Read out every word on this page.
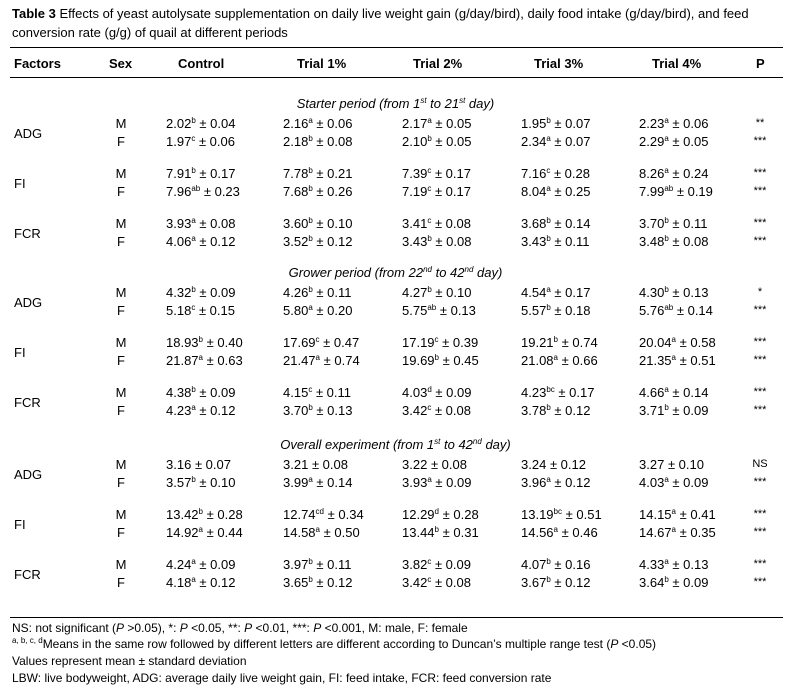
Table 3 Effects of yeast autolysate supplementation on daily live weight gain (g/day/bird), daily food intake (g/day/bird), and feed conversion rate (g/g) of quail at different periods
Factors	Sex	Control	Trial 1%	Trial 2%	Trial 3%	Trial 4%	P
Starter period (from 1st to 21st day)
ADG
M	2.02$^b$ ± 0.04	2.16$^a$ ± 0.06	2.17$^a$ ± 0.05	1.95$^b$ ± 0.07	2.23$^a$ ± 0.06	**
F	1.97$^c$ ± 0.06	2.18$^b$ ± 0.08	2.10$^b$ ± 0.05	2.34$^a$ ± 0.07	2.29$^a$ ± 0.05	***
FI
M	7.91$^b$ ± 0.17	7.78$^b$ ± 0.21	7.39$^c$ ± 0.17	7.16$^c$ ± 0.28	8.26$^a$ ± 0.24	***
F	7.96$^{ab}$ ± 0.23	7.68$^b$ ± 0.26	7.19$^c$ ± 0.17	8.04$^a$ ± 0.25	7.99$^{ab}$ ± 0.19	***
FCR
M	3.93$^a$ ± 0.08	3.60$^b$ ± 0.10	3.41$^c$ ± 0.08	3.68$^b$ ± 0.14	3.70$^b$ ± 0.11	***
F	4.06$^a$ ± 0.12	3.52$^b$ ± 0.12	3.43$^b$ ± 0.08	3.43$^b$ ± 0.11	3.48$^b$ ± 0.08	***
Grower period (from 22nd to 42nd day)
ADG
M	4.32$^b$ ± 0.09	4.26$^b$ ± 0.11	4.27$^b$ ± 0.10	4.54$^a$ ± 0.17	4.30$^b$ ± 0.13	*
F	5.18$^c$ ± 0.15	5.80$^a$ ± 0.20	5.75$^{ab}$ ± 0.13	5.57$^b$ ± 0.18	5.76$^{ab}$ ± 0.14	***
FI
M	18.93$^b$ ± 0.40	17.69$^c$ ± 0.47	17.19$^c$ ± 0.39	19.21$^b$ ± 0.74	20.04$^a$ ± 0.58	***
F	21.87$^a$ ± 0.63	21.47$^a$ ± 0.74	19.69$^b$ ± 0.45	21.08$^a$ ± 0.66	21.35$^a$ ± 0.51	***
FCR
M	4.38$^b$ ± 0.09	4.15$^c$ ± 0.11	4.03$^d$ ± 0.09	4.23$^{bc}$ ± 0.17	4.66$^a$ ± 0.14	***
F	4.23$^a$ ± 0.12	3.70$^b$ ± 0.13	3.42$^c$ ± 0.08	3.78$^b$ ± 0.12	3.71$^b$ ± 0.09	***
Overall experiment (from 1st to 42nd day)
ADG
M	3.16 ± 0.07	3.21 ± 0.08	3.22 ± 0.08	3.24 ± 0.12	3.27 ± 0.10	NS
F	3.57$^b$ ± 0.10	3.99$^a$ ± 0.14	3.93$^a$ ± 0.09	3.96$^a$ ± 0.12	4.03$^a$ ± 0.09	***
FI
M	13.42$^b$ ± 0.28	12.74$^{cd}$ ± 0.34	12.29$^d$ ± 0.28	13.19$^{bc}$ ± 0.51	14.15$^a$ ± 0.41	***
F	14.92$^a$ ± 0.44	14.58$^a$ ± 0.50	13.44$^b$ ± 0.31	14.56$^a$ ± 0.46	14.67$^a$ ± 0.35	***
FCR
M	4.24$^a$ ± 0.09	3.97$^b$ ± 0.11	3.82$^c$ ± 0.09	4.07$^b$ ± 0.16	4.33$^a$ ± 0.13	***
F	4.18$^a$ ± 0.12	3.65$^b$ ± 0.12	3.42$^c$ ± 0.08	3.67$^b$ ± 0.12	3.64$^b$ ± 0.09	***
NS: not significant (P >0.05), *: P <0.05, **: P <0.01, ***: P <0.001, M: male, F: female
$^{a, b, c, d}$Means in the same row followed by different letters are different according to Duncan’s multiple range test (P <0.05)
Values represent mean ± standard deviation
LBW: live bodyweight, ADG: average daily live weight gain, FI: feed intake, FCR: feed conversion rate
